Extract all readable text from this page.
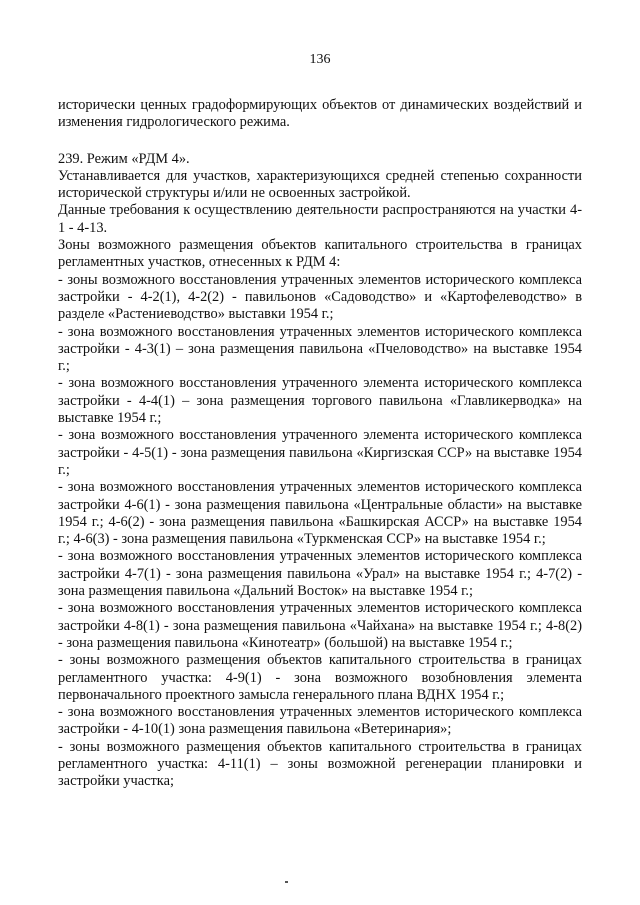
136

исторически ценных градоформирующих объектов от динамических воздействий и изменения гидрологического режима.

239. Режим «РДМ 4».

Устанавливается для участков, характеризующихся средней степенью сохранности исторической структуры и/или не освоенных застройкой.

Данные требования к осуществлению деятельности распространяются на участки 4-1 - 4-13.

Зоны возможного размещения объектов капитального строительства в границах регламентных участков, отнесенных к РДМ 4:

- зоны возможного восстановления утраченных элементов исторического комплекса застройки - 4-2(1), 4-2(2) - павильонов «Садоводство» и «Картофелеводство» в разделе «Растениеводство» выставки 1954 г.;

- зона возможного восстановления утраченных элементов исторического комплекса застройки - 4-3(1) – зона размещения павильона «Пчеловодство» на выставке 1954 г.;

- зона возможного восстановления утраченного элемента исторического комплекса застройки - 4-4(1) – зона размещения торгового павильона «Главликерводка» на выставке 1954 г.;

- зона возможного восстановления утраченного элемента исторического комплекса застройки - 4-5(1) - зона размещения павильона «Киргизская ССР» на выставке 1954 г.;

- зона возможного восстановления утраченных элементов исторического комплекса застройки 4-6(1) - зона размещения павильона «Центральные области» на выставке 1954 г.; 4-6(2) - зона размещения павильона «Башкирская АССР» на выставке 1954 г.; 4-6(3) - зона размещения павильона «Туркменская ССР» на выставке 1954 г.;

- зона возможного восстановления утраченных элементов исторического комплекса застройки 4-7(1) - зона размещения павильона «Урал» на выставке 1954 г.; 4-7(2) - зона размещения павильона «Дальний Восток» на выставке 1954 г.;

- зона возможного восстановления утраченных элементов исторического комплекса застройки 4-8(1) - зона размещения павильона «Чайхана» на выставке 1954 г.; 4-8(2) - зона размещения павильона «Кинотеатр» (большой) на выставке 1954 г.;

- зоны возможного размещения объектов капитального строительства в границах регламентного участка: 4-9(1) - зона возможного возобновления элемента первоначального проектного замысла генерального плана ВДНХ 1954 г.;

- зона возможного восстановления утраченных элементов исторического комплекса застройки - 4-10(1) зона размещения павильона «Ветеринария»;

- зоны возможного размещения объектов капитального строительства в границах регламентного участка: 4-11(1) – зоны возможной регенерации планировки и застройки участка;
